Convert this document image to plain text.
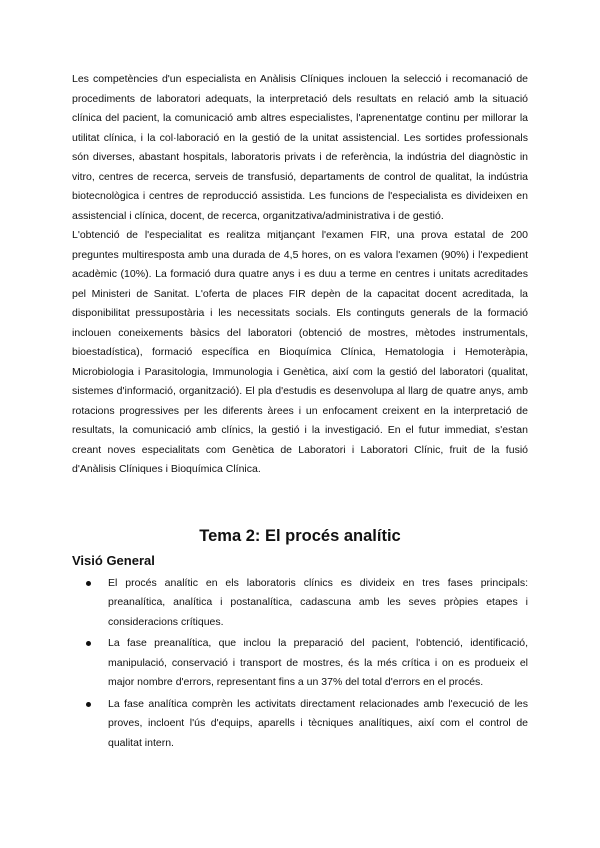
Les competències d'un especialista en Anàlisis Clíniques inclouen la selecció i recomanació de procediments de laboratori adequats, la interpretació dels resultats en relació amb la situació clínica del pacient, la comunicació amb altres especialistes, l'aprenentatge continu per millorar la utilitat clínica, i la col·laboració en la gestió de la unitat assistencial. Les sortides professionals són diverses, abastant hospitals, laboratoris privats i de referència, la indústria del diagnòstic in vitro, centres de recerca, serveis de transfusió, departaments de control de qualitat, la indústria biotecnològica i centres de reproducció assistida. Les funcions de l'especialista es divideixen en assistencial i clínica, docent, de recerca, organitzativa/administrativa i de gestió.

L'obtenció de l'especialitat es realitza mitjançant l'examen FIR, una prova estatal de 200 preguntes multiresposta amb una durada de 4,5 hores, on es valora l'examen (90%) i l'expedient acadèmic (10%). La formació dura quatre anys i es duu a terme en centres i unitats acreditades pel Ministeri de Sanitat. L'oferta de places FIR depèn de la capacitat docent acreditada, la disponibilitat pressupostària i les necessitats socials. Els continguts generals de la formació inclouen coneixements bàsics del laboratori (obtenció de mostres, mètodes instrumentals, bioestadística), formació específica en Bioquímica Clínica, Hematologia i Hemoteràpia, Microbiologia i Parasitologia, Immunologia i Genètica, així com la gestió del laboratori (qualitat, sistemes d'informació, organització). El pla d'estudis es desenvolupa al llarg de quatre anys, amb rotacions progressives per les diferents àrees i un enfocament creixent en la interpretació de resultats, la comunicació amb clínics, la gestió i la investigació. En el futur immediat, s'estan creant noves especialitats com Genètica de Laboratori i Laboratori Clínic, fruit de la fusió d'Anàlisis Clíniques i Bioquímica Clínica.

Tema 2: El procés analític
Visió General
El procés analític en els laboratoris clínics es divideix en tres fases principals: preanalítica, analítica i postanalítica, cadascuna amb les seves pròpies etapes i consideracions crítiques.
La fase preanalítica, que inclou la preparació del pacient, l'obtenció, identificació, manipulació, conservació i transport de mostres, és la més crítica i on es produeix el major nombre d'errors, representant fins a un 37% del total d'errors en el procés.
La fase analítica comprèn les activitats directament relacionades amb l'execució de les proves, incloent l'ús d'equips, aparells i tècniques analítiques, així com el control de qualitat intern.
